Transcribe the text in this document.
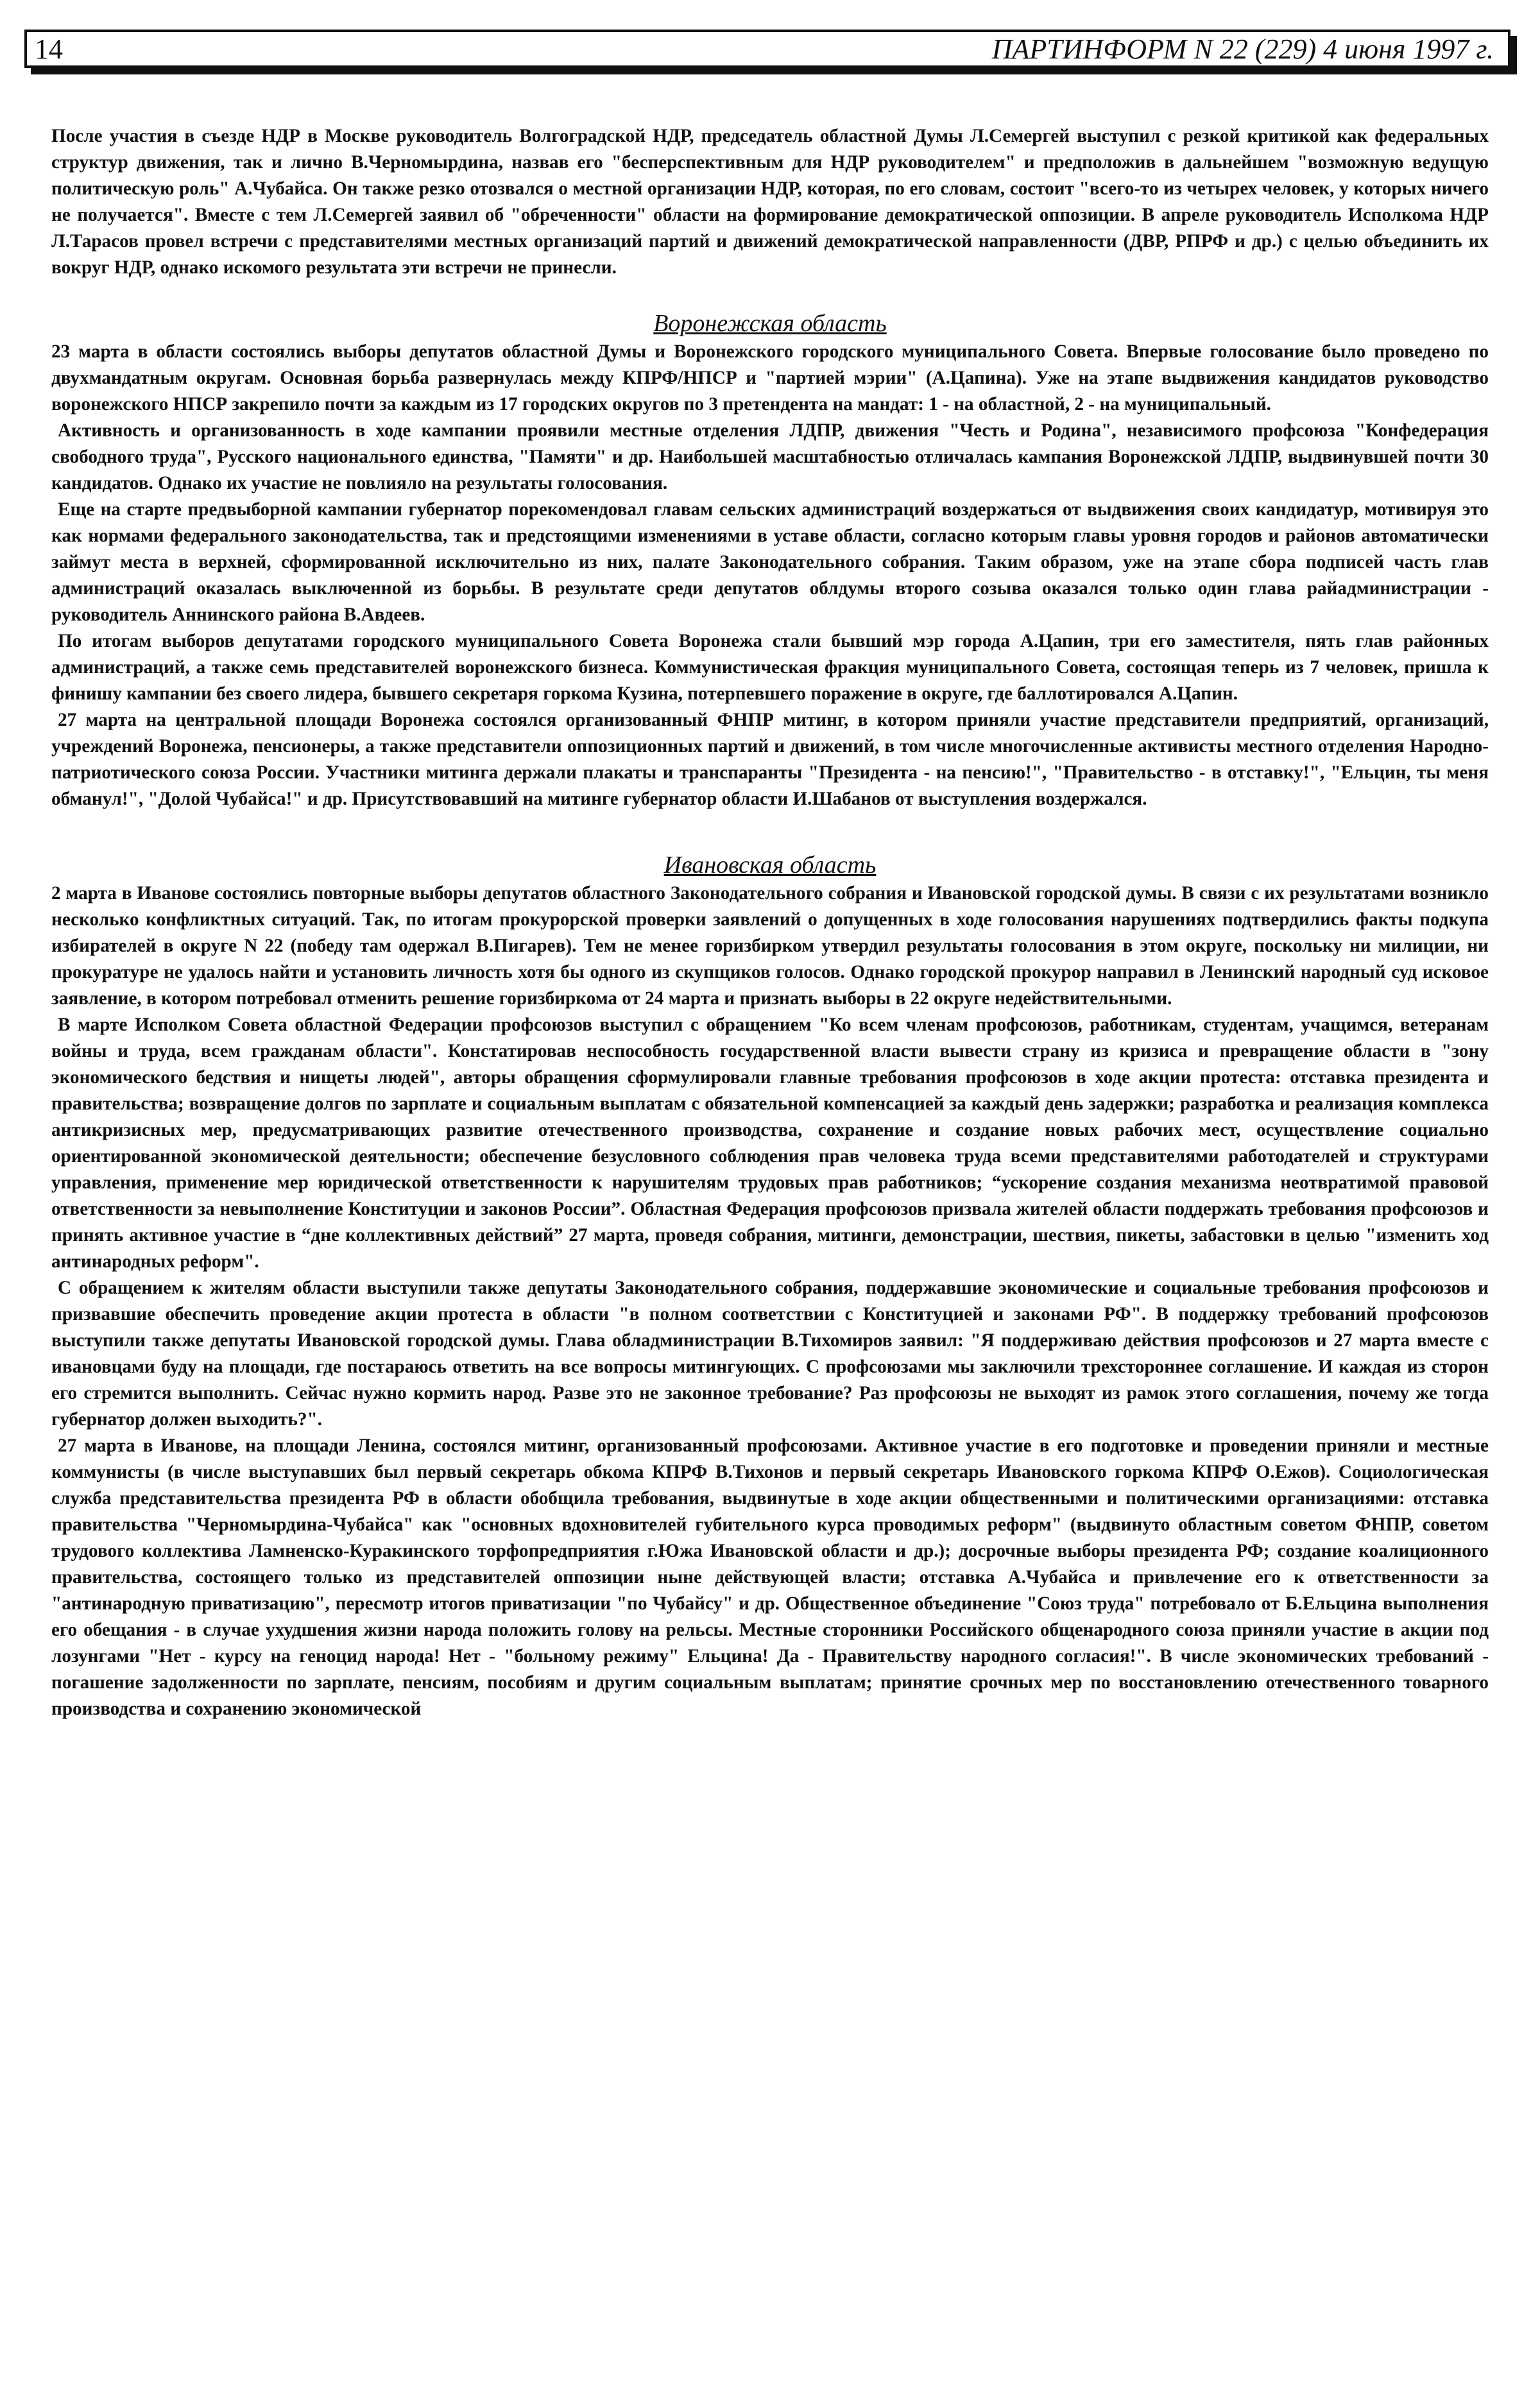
14	ПАРТИНФОРМ N 22 (229) 4 июня 1997 г.

После участия в съезде НДР в Москве руководитель Волгоградской НДР, председатель областной Думы Л.Семергей выступил с резкой критикой как федеральных структур движения, так и лично В.Черномырдина, назвав его "бесперспективным для НДР руководителем" и предположив в дальнейшем "возможную ведущую политическую роль" А.Чубайса. Он также резко отозвался о местной организации НДР, которая, по его словам, состоит "всего-то из четырех человек, у которых ничего не получается". Вместе с тем Л.Семергей заявил об "обреченности" области на формирование демократической оппозиции. В апреле руководитель Исполкома НДР Л.Тарасов провел встречи с представителями местных организаций партий и движений демократической направленности (ДВР, РПРФ и др.) с целью объединить их вокруг НДР, однако искомого результата эти встречи не принесли.

Воронежская область

23 марта в области состоялись выборы депутатов областной Думы и Воронежского городского муниципального Совета. Впервые голосование было проведено по двухмандатным округам. Основная борьба развернулась между КПРФ/НПСР и "партией мэрии" (А.Цапина). Уже на этапе выдвижения кандидатов руководство воронежского НПСР закрепило почти за каждым из 17 городских округов по 3 претендента на мандат: 1 - на областной, 2 - на муниципальный.

Активность и организованность в ходе кампании проявили местные отделения ЛДПР, движения "Честь и Родина", независимого профсоюза "Конфедерация свободного труда", Русского национального единства, "Памяти" и др. Наибольшей масштабностью отличалась кампания Воронежской ЛДПР, выдвинувшей почти 30 кандидатов. Однако их участие не повлияло на результаты голосования.

Еще на старте предвыборной кампании губернатор порекомендовал главам сельских администраций воздержаться от выдвижения своих кандидатур, мотивируя это как нормами федерального законодательства, так и предстоящими изменениями в уставе области, согласно которым главы уровня городов и районов автоматически займут места в верхней, сформированной исключительно из них, палате Законодательного собрания. Таким образом, уже на этапе сбора подписей часть глав администраций оказалась выключенной из борьбы. В результате среди депутатов облдумы второго созыва оказался только один глава райадминистрации - руководитель Аннинского района В.Авдеев.

По итогам выборов депутатами городского муниципального Совета Воронежа стали бывший мэр города А.Цапин, три его заместителя, пять глав районных администраций, а также семь представителей воронежского бизнеса. Коммунистическая фракция муниципального Совета, состоящая теперь из 7 человек, пришла к финишу кампании без своего лидера, бывшего секретаря горкома Кузина, потерпевшего поражение в округе, где баллотировался А.Цапин.

27 марта на центральной площади Воронежа состоялся организованный ФНПР митинг, в котором приняли участие представители предприятий, организаций, учреждений Воронежа, пенсионеры, а также представители оппозиционных партий и движений, в том числе многочисленные активисты местного отделения Народно-патриотического союза России. Участники митинга держали плакаты и транспаранты "Президента - на пенсию!", "Правительство - в отставку!", "Ельцин, ты меня обманул!", "Долой Чубайса!" и др. Присутствовавший на митинге губернатор области И.Шабанов от выступления воздержался.

Ивановская область

2 марта в Иванове состоялись повторные выборы депутатов областного Законодательного собрания и Ивановской городской думы. В связи с их результатами возникло несколько конфликтных ситуаций. Так, по итогам прокурорской проверки заявлений о допущенных в ходе голосования нарушениях подтвердились факты подкупа избирателей в округе N 22 (победу там одержал В.Пигарев). Тем не менее горизбирком утвердил результаты голосования в этом округе, поскольку ни милиции, ни прокуратуре не удалось найти и установить личность хотя бы одного из скупщиков голосов. Однако городской прокурор направил в Ленинский народный суд исковое заявление, в котором потребовал отменить решение горизбиркома от 24 марта и признать выборы в 22 округе недействительными.

В марте Исполком Совета областной Федерации профсоюзов выступил с обращением "Ко всем членам профсоюзов, работникам, студентам, учащимся, ветеранам войны и труда, всем гражданам области". Констатировав неспособность государственной власти вывести страну из кризиса и превращение области в "зону экономического бедствия и нищеты людей", авторы обращения сформулировали главные требования профсоюзов в ходе акции протеста: отставка президента и правительства; возвращение долгов по зарплате и социальным выплатам с обязательной компенсацией за каждый день задержки; разработка и реализация комплекса антикризисных мер, предусматривающих развитие отечественного производства, сохранение и создание новых рабочих мест, осуществление социально ориентированной экономической деятельности; обеспечение безусловного соблюдения прав человека труда всеми представителями работодателей и структурами управления, применение мер юридической ответственности к нарушителям трудовых прав работников; “ускорение создания механизма неотвратимой правовой ответственности за невыполнение Конституции и законов России”. Областная Федерация профсоюзов призвала жителей области поддержать требования профсоюзов и принять активное участие в “дне коллективных действий” 27 марта, проведя собрания, митинги, демонстрации, шествия, пикеты, забастовки в целью "изменить ход антинародных реформ".

С обращением к жителям области выступили также депутаты Законодательного собрания, поддержавшие экономические и социальные требования профсоюзов и призвавшие обеспечить проведение акции протеста в области "в полном соответствии с Конституцией и законами РФ". В поддержку требований профсоюзов выступили также депутаты Ивановской городской думы. Глава обладминистрации В.Тихомиров заявил: "Я поддерживаю действия профсоюзов и 27 марта вместе с ивановцами буду на площади, где постараюсь ответить на все вопросы митингующих. С профсоюзами мы заключили трехстороннее соглашение. И каждая из сторон его стремится выполнить. Сейчас нужно кормить народ. Разве это не законное требование? Раз профсоюзы не выходят из рамок этого соглашения, почему же тогда губернатор должен выходить?".

27 марта в Иванове, на площади Ленина, состоялся митинг, организованный профсоюзами. Активное участие в его подготовке и проведении приняли и местные коммунисты (в числе выступавших был первый секретарь обкома КПРФ В.Тихонов и первый секретарь Ивановского горкома КПРФ О.Ежов). Социологическая служба представительства президента РФ в области обобщила требования, выдвинутые в ходе акции общественными и политическими организациями: отставка правительства "Черномырдина-Чубайса" как "основных вдохновителей губительного курса проводимых реформ" (выдвинуто областным советом ФНПР, советом трудового коллектива Ламненско-Куракинского торфопредприятия г.Южа Ивановской области и др.); досрочные выборы президента РФ; создание коалиционного правительства, состоящего только из представителей оппозиции ныне действующей власти; отставка А.Чубайса и привлечение его к ответственности за "антинародную приватизацию", пересмотр итогов приватизации "по Чубайсу" и др. Общественное объединение "Союз труда" потребовало от Б.Ельцина выполнения его обещания - в случае ухудшения жизни народа положить голову на рельсы. Местные сторонники Российского общенародного союза приняли участие в акции под лозунгами "Нет - курсу на геноцид народа! Нет - "больному режиму" Ельцина! Да - Правительству народного согласия!". В числе экономических требований - погашение задолженности по зарплате, пенсиям, пособиям и другим социальным выплатам; принятие срочных мер по восстановлению отечественного товарного производства и сохранению экономической
